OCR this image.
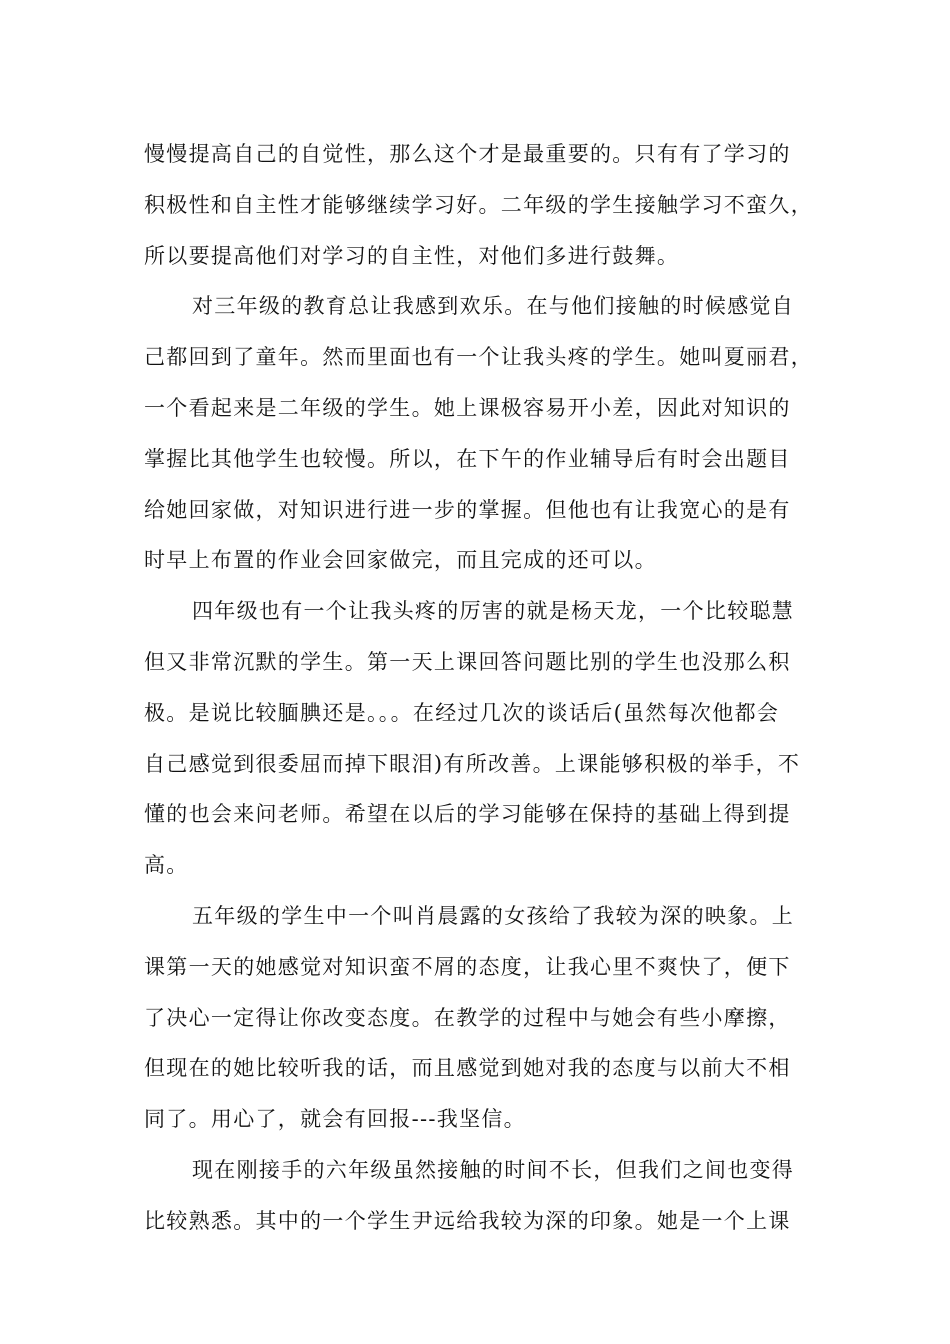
慢慢提高自己的自觉性，那么这个才是最重要的。只有有了学习的
积极性和自主性才能够继续学习好。二年级的学生接触学习不蛮久，
所以要提高他们对学习的自主性，对他们多进行鼓舞。
对三年级的教育总让我感到欢乐。在与他们接触的时候感觉自
己都回到了童年。然而里面也有一个让我头疼的学生。她叫夏丽君，
一个看起来是二年级的学生。她上课极容易开小差，因此对知识的
掌握比其他学生也较慢。所以，在下午的作业辅导后有时会出题目
给她回家做，对知识进行进一步的掌握。但他也有让我宽心的是有
时早上布置的作业会回家做完，而且完成的还可以。
四年级也有一个让我头疼的厉害的就是杨天龙，一个比较聪慧
但又非常沉默的学生。第一天上课回答问题比别的学生也没那么积
极。是说比较腼腆还是。。。在经过几次的谈话后(虽然每次他都会
自己感觉到很委屈而掉下眼泪)有所改善。上课能够积极的举手，不
懂的也会来问老师。希望在以后的学习能够在保持的基础上得到提
高。
五年级的学生中一个叫肖晨露的女孩给了我较为深的映象。上
课第一天的她感觉对知识蛮不屑的态度，让我心里不爽快了，便下
了决心一定得让你改变态度。在教学的过程中与她会有些小摩擦，
但现在的她比较听我的话，而且感觉到她对我的态度与以前大不相
同了。用心了，就会有回报---我坚信。
现在刚接手的六年级虽然接触的时间不长，但我们之间也变得
比较熟悉。其中的一个学生尹远给我较为深的印象。她是一个上课
